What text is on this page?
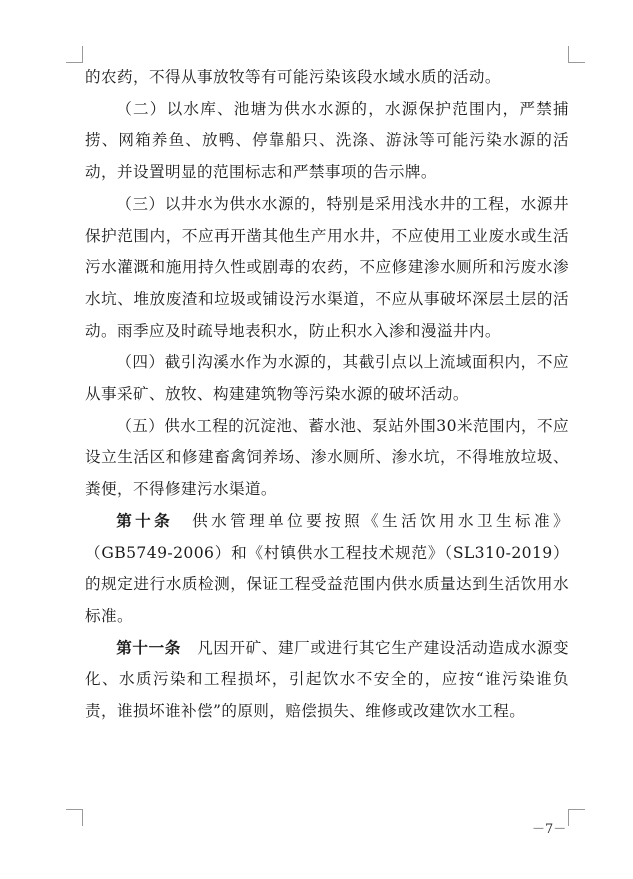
的农药，不得从事放牧等有可能污染该段水域水质的活动。

（二）以水库、池塘为供水水源的，水源保护范围内，严禁捕捞、网箱养鱼、放鸭、停靠船只、洗涤、游泳等可能污染水源的活动，并设置明显的范围标志和严禁事项的告示牌。

（三）以井水为供水水源的，特别是采用浅水井的工程，水源井保护范围内，不应再开凿其他生产用水井，不应使用工业废水或生活污水灌溉和施用持久性或剧毒的农药，不应修建渗水厕所和污废水渗水坑、堆放废渣和垃圾或铺设污水渠道，不应从事破坏深层土层的活动。雨季应及时疏导地表积水，防止积水入渗和漫溢井内。

（四）截引沟溪水作为水源的，其截引点以上流域面积内，不应从事采矿、放牧、构建建筑物等污染水源的破坏活动。

（五）供水工程的沉淀池、蓄水池、泵站外围30米范围内，不应设立生活区和修建畜禽饲养场、渗水厕所、渗水坑，不得堆放垃圾、粪便，不得修建污水渠道。

第十条　 供水管理单位要按照《生活饮用水卫生标准》（GB5749-2006）和《村镇供水工程技术规范》（SL310-2019）的规定进行水质检测，保证工程受益范围内供水质量达到生活饮用水标准。

第十一条　 凡因开矿、建厂或进行其它生产建设活动造成水源变化、水质污染和工程损坏，引起饮水不安全的，应按“谁污染谁负责，谁损坏谁补偿”的原则，赔偿损失、维修或改建饮水工程。

－7－
